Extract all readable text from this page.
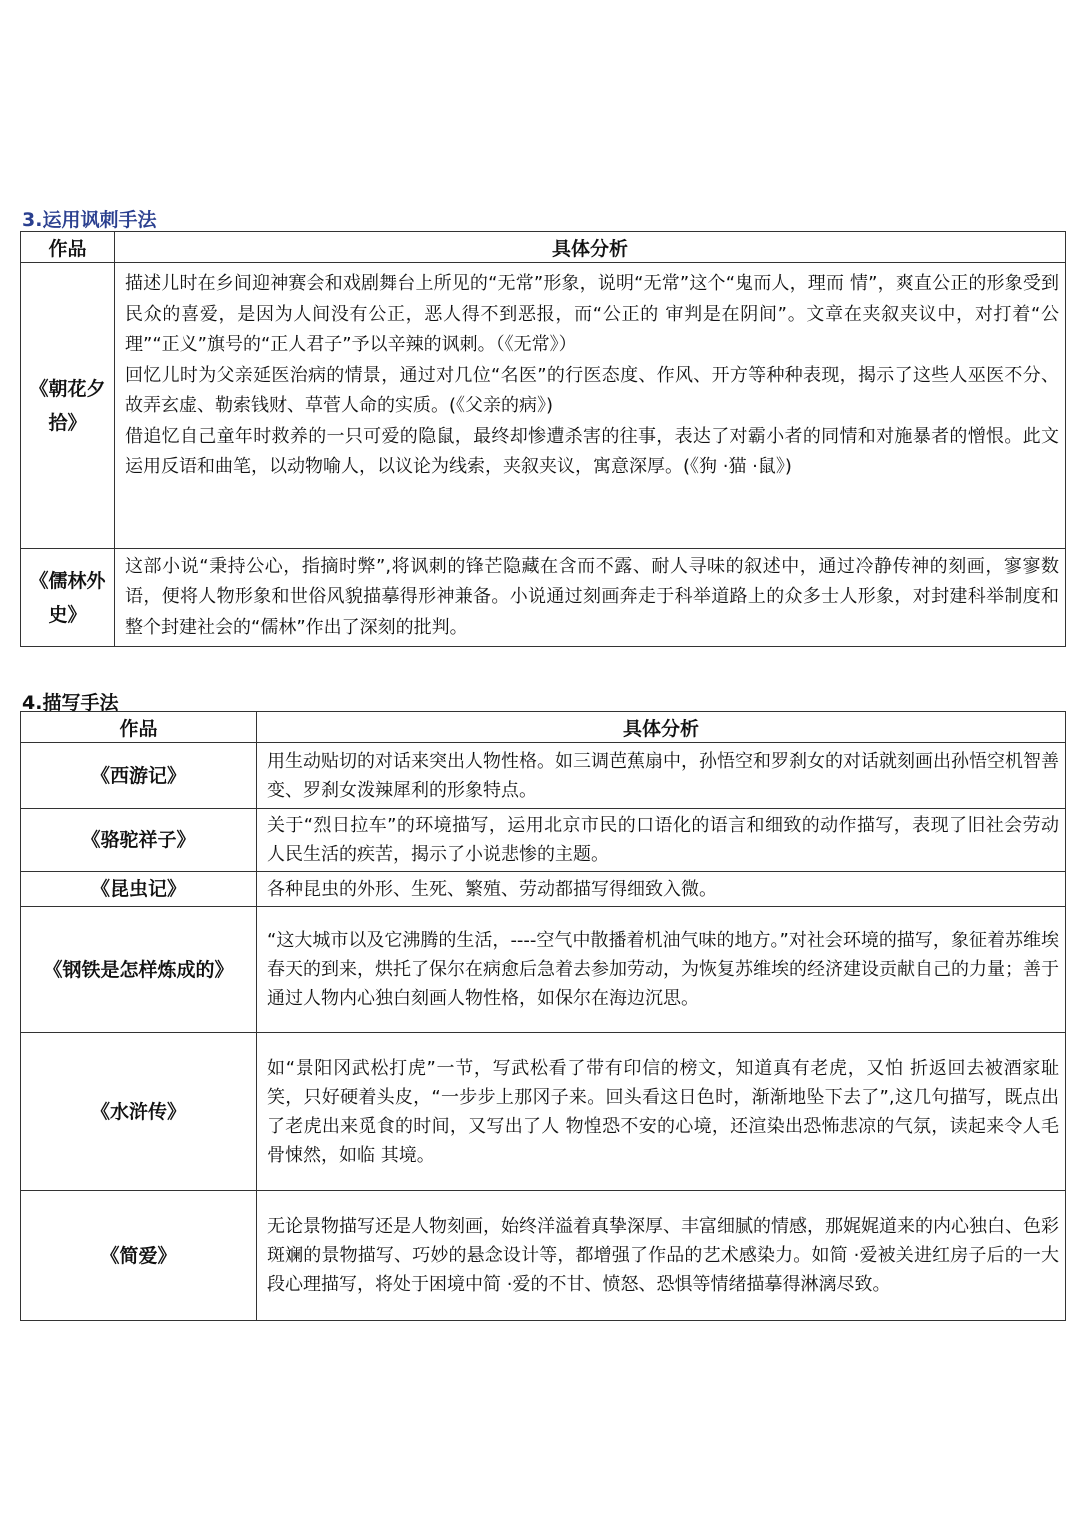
3.运用讽刺手法
作品	具体分析
《朝花夕拾》	描述儿时在乡间迎神赛会和戏剧舞台上所见的“无常”形象，说明“无常”这个“鬼而人，理而 情”，爽直公正的形象受到民众的喜爱，是因为人间没有公正，恶人得不到恶报，而“公正的 审判是在阴间”。文章在夹叙夹议中，对打着“公理”“正义”旗号的“正人君子”予以辛辣的讽刺。（《无常》）

回忆儿时为父亲延医治病的情景，通过对几位“名医”的行医态度、作风、开方等种种表现，揭示了这些人巫医不分、故弄玄虚、勒索钱财、草菅人命的实质。(《父亲的病》)

借追忆自己童年时救养的一只可爱的隐鼠，最终却惨遭杀害的往事，表达了对霸小者的同情和对施暴者的憎恨。此文运用反语和曲笔，以动物喻人，以议论为线索，夹叙夹议，寓意深厚。(《狗 ·猫 ·鼠》)

《儒林外史》	这部小说“秉持公心，指摘时弊”,将讽刺的锋芒隐藏在含而不露、耐人寻味的叙述中，通过冷静传神的刻画，寥寥数语，便将人物形象和世俗风貌描摹得形神兼备。小说通过刻画奔走于科举道路上的众多士人形象，对封建科举制度和整个封建社会的“儒林”作出了深刻的批判。

4.描写手法
作品	具体分析
《西游记》	用生动贴切的对话来突出人物性格。如三调芭蕉扇中，孙悟空和罗刹女的对话就刻画出孙悟空机智善变、罗刹女泼辣犀利的形象特点。
《骆驼祥子》	关于“烈日拉车”的环境描写，运用北京市民的口语化的语言和细致的动作描写，表现了旧社会劳动人民生活的疾苦，揭示了小说悲惨的主题。
《昆虫记》	各种昆虫的外形、生死、繁殖、劳动都描写得细致入微。
《钢铁是怎样炼成的》	“这大城市以及它沸腾的生活，----空气中散播着机油气味的地方。”对社会环境的描写，象征着苏维埃春天的到来，烘托了保尔在病愈后急着去参加劳动，为恢复苏维埃的经济建设贡献自己的力量；善于通过人物内心独白刻画人物性格，如保尔在海边沉思。
《水浒传》	如“景阳冈武松打虎”一节，写武松看了带有印信的榜文，知道真有老虎，又怕 折返回去被酒家耻笑，只好硬着头皮，“一步步上那冈子来。回头看这日色时，渐渐地坠下去了”,这几句描写，既点出了老虎出来觅食的时间，又写出了人 物惶恐不安的心境，还渲染出恐怖悲凉的气氛，读起来令人毛骨悚然，如临 其境。
《简爱》	无论景物描写还是人物刻画，始终洋溢着真挚深厚、丰富细腻的情感，那娓娓道来的内心独白、色彩斑斓的景物描写、巧妙的悬念设计等，都增强了作品的艺术感染力。如简 ·爱被关进红房子后的一大段心理描写，将处于困境中简 ·爱的不甘、愤怒、恐惧等情绪描摹得淋漓尽致。
